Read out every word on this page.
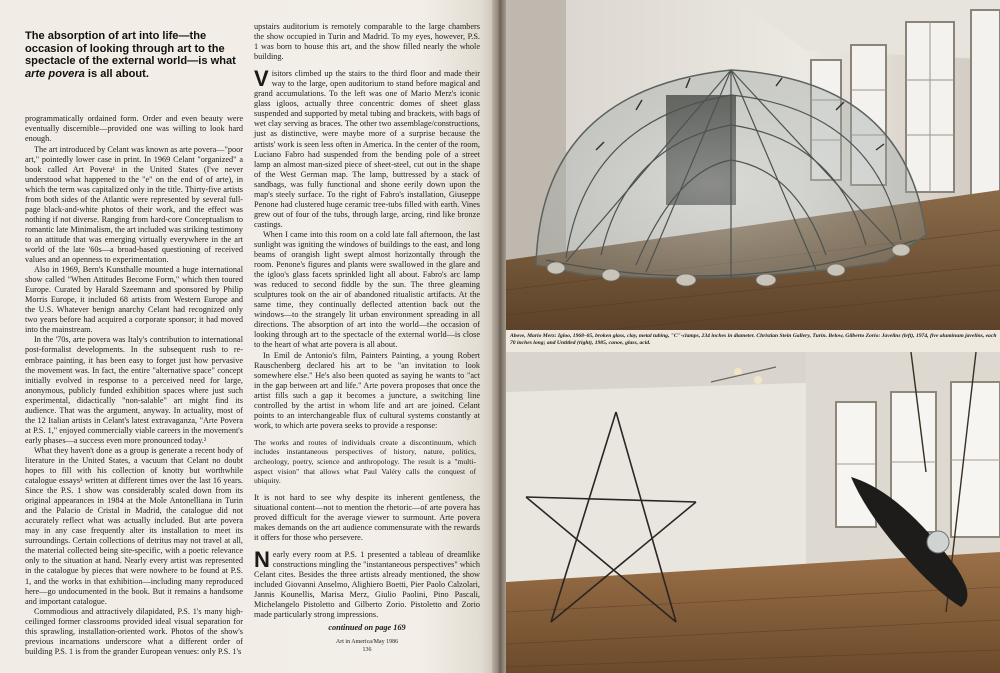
The absorption of art into life—the occasion of looking through art to the spectacle of the external world—is what arte povera is all about.

programmatically ordained form. Order and even beauty were eventually discernible—provided one was willing to look hard enough.

The art introduced by Celant was known as arte povera—"poor art," pointedly lower case in print. In 1969 Celant "organized" a book called Art Povera¹ in the United States (I've never understood what happened to the "e" on the end of of arte), in which the term was capitalized only in the title. Thirty-five artists from both sides of the Atlantic were represented by several full-page black-and-white photos of their work, and the effect was nothing if not diverse. Ranging from hard-core Conceptualism to romantic late Minimalism, the art included was striking testimony to an attitude that was emerging virtually everywhere in the art world of the late '60s—a broad-based questioning of received values and an openness to experimentation.

Also in 1969, Bern's Kunsthalle mounted a huge international show called "When Attitudes Become Form," which then toured Europe. Curated by Harald Szeemann and sponsored by Philip Morris Europe, it included 68 artists from Western Europe and the U.S. Whatever benign anarchy Celant had recognized only two years before had acquired a corporate sponsor; it had moved into the mainstream.

In the '70s, arte povera was Italy's contribution to international post-formalist developments. In the subsequent rush to re-embrace painting, it has been easy to forget just how pervasive the movement was. In fact, the entire "alternative space" concept initially evolved in response to a perceived need for large, anonymous, publicly funded exhibition spaces where just such experimental, didactically "non-salable" art might find its audience. That was the argument, anyway. In actuality, most of the 12 Italian artists in Celant's latest extravaganza, "Arte Povera at P.S. 1," enjoyed commercially viable careers in the movement's early phases—a success even more pronounced today.²

What they haven't done as a group is generate a recent body of literature in the United States, a vacuum that Celant no doubt hopes to fill with his collection of knotty but worthwhile catalogue essays³ written at different times over the last 16 years. Since the P.S. 1 show was considerably scaled down from its original appearances in 1984 at the Mole Antonelliana in Turin and the Palacio de Cristal in Madrid, the catalogue did not accurately reflect what was actually included. But arte povera may in any case frequently alter its installation to meet its surroundings. Certain collections of detritus may not travel at all, the material collected being site-specific, with a poetic relevance only to the situation at hand. Nearly every artist was represented in the catalogue by pieces that were nowhere to be found at P.S. 1, and the works in that exhibition—including many reproduced here—go undocumented in the book. But it remains a handsome and important catalogue.

Commodious and attractively dilapidated, P.S. 1's many high-ceilinged former classrooms provided ideal visual separation for this sprawling, installation-oriented work. Photos of the show's previous incarnations underscore what a different order of building P.S. 1 is from the grander European venues: only P.S. 1's

upstairs auditorium is remotely comparable to the large chambers the show occupied in Turin and Madrid. To my eyes, however, P.S. 1 was born to house this art, and the show filled nearly the whole building.

Visitors climbed up the stairs to the third floor and made their way to the large, open auditorium to stand before magical and grand accumulations. To the left was one of Mario Merz's iconic glass igloos, actually three concentric domes of sheet glass suspended and supported by metal tubing and brackets, with bags of wet clay serving as braces. The other two assemblage/constructions, just as distinctive, were maybe more of a surprise because the artists' work is seen less often in America. In the center of the room, Luciano Fabro had suspended from the bending pole of a street lamp an almost man-sized piece of sheet-steel, cut out in the shape of the West German map. The lamp, buttressed by a stack of sandbags, was fully functional and shone eerily down upon the map's steely surface. To the right of Fabro's installation, Giuseppe Penone had clustered huge ceramic tree-tubs filled with earth. Vines grew out of four of the tubs, through large, arcing, rind like bronze castings.

When I came into this room on a cold late fall afternoon, the last sunlight was igniting the windows of buildings to the east, and long beams of orangish light swept almost horizontally through the room. Penone's figures and plants were swallowed in the glare and the igloo's glass facets sprinkled light all about. Fabro's arc lamp was reduced to second fiddle by the sun. The three gleaming sculptures took on the air of abandoned ritualistic artifacts. At the same time, they continually deflected attention back out the windows—to the strangely lit urban environment spreading in all directions. The absorption of art into the world—the occasion of looking through art to the spectacle of the external world—is close to the heart of what arte povera is all about.

In Emil de Antonio's film, Painters Painting, a young Robert Rauschenberg declared his art to be "an invitation to look somewhere else." He's also been quoted as saying he wants to "act in the gap between art and life." Arte povera proposes that once the artist fills such a gap it becomes a juncture, a switching line controlled by the artist in whom life and art are joined. Celant points to an interchangeable flux of cultural systems constantly at work, to which arte povera seeks to provide a response:

The works and routes of individuals create a discontinuum, which includes instantaneous perspectives of history, nature, politics, archeology, poetry, science and anthropology. The result is a "multi-aspect vision" that allows what Paul Valéry calls the conquest of ubiquity.

It is not hard to see why despite its inherent gentleness, the situational content—not to mention the rhetoric—of arte povera has proved difficult for the average viewer to surmount. Arte povera makes demands on the art audience commensurate with the rewards it offers for those who persevere.

Nearly every room at P.S. 1 presented a tableau of dreamlike constructions mingling the "instantaneous perspectives" which Celant cites. Besides the three artists already mentioned, the show included Giovanni Anselmo, Alighiero Boetti, Pier Paolo Calzolari, Jannis Kounellis, Marisa Merz, Giulio Paolini, Pino Pascali, Michelangelo Pistoletto and Gilberto Zorio. Pistoletto and Zorio made particularly strong impressions.

continued on page 169
Art in America/May 1986
136
Above, Mario Merz: Igloo, 1968–85, broken glass, clay, metal tubing, "C"-clamps, 234 inches in diameter. Christian Stein Gallery, Turin. Below, Gilberto Zorio: Javelins (left), 1974, five aluminum javelins, each 70 inches long; and Untitled (right), 1985, canoe, glass, acid.
